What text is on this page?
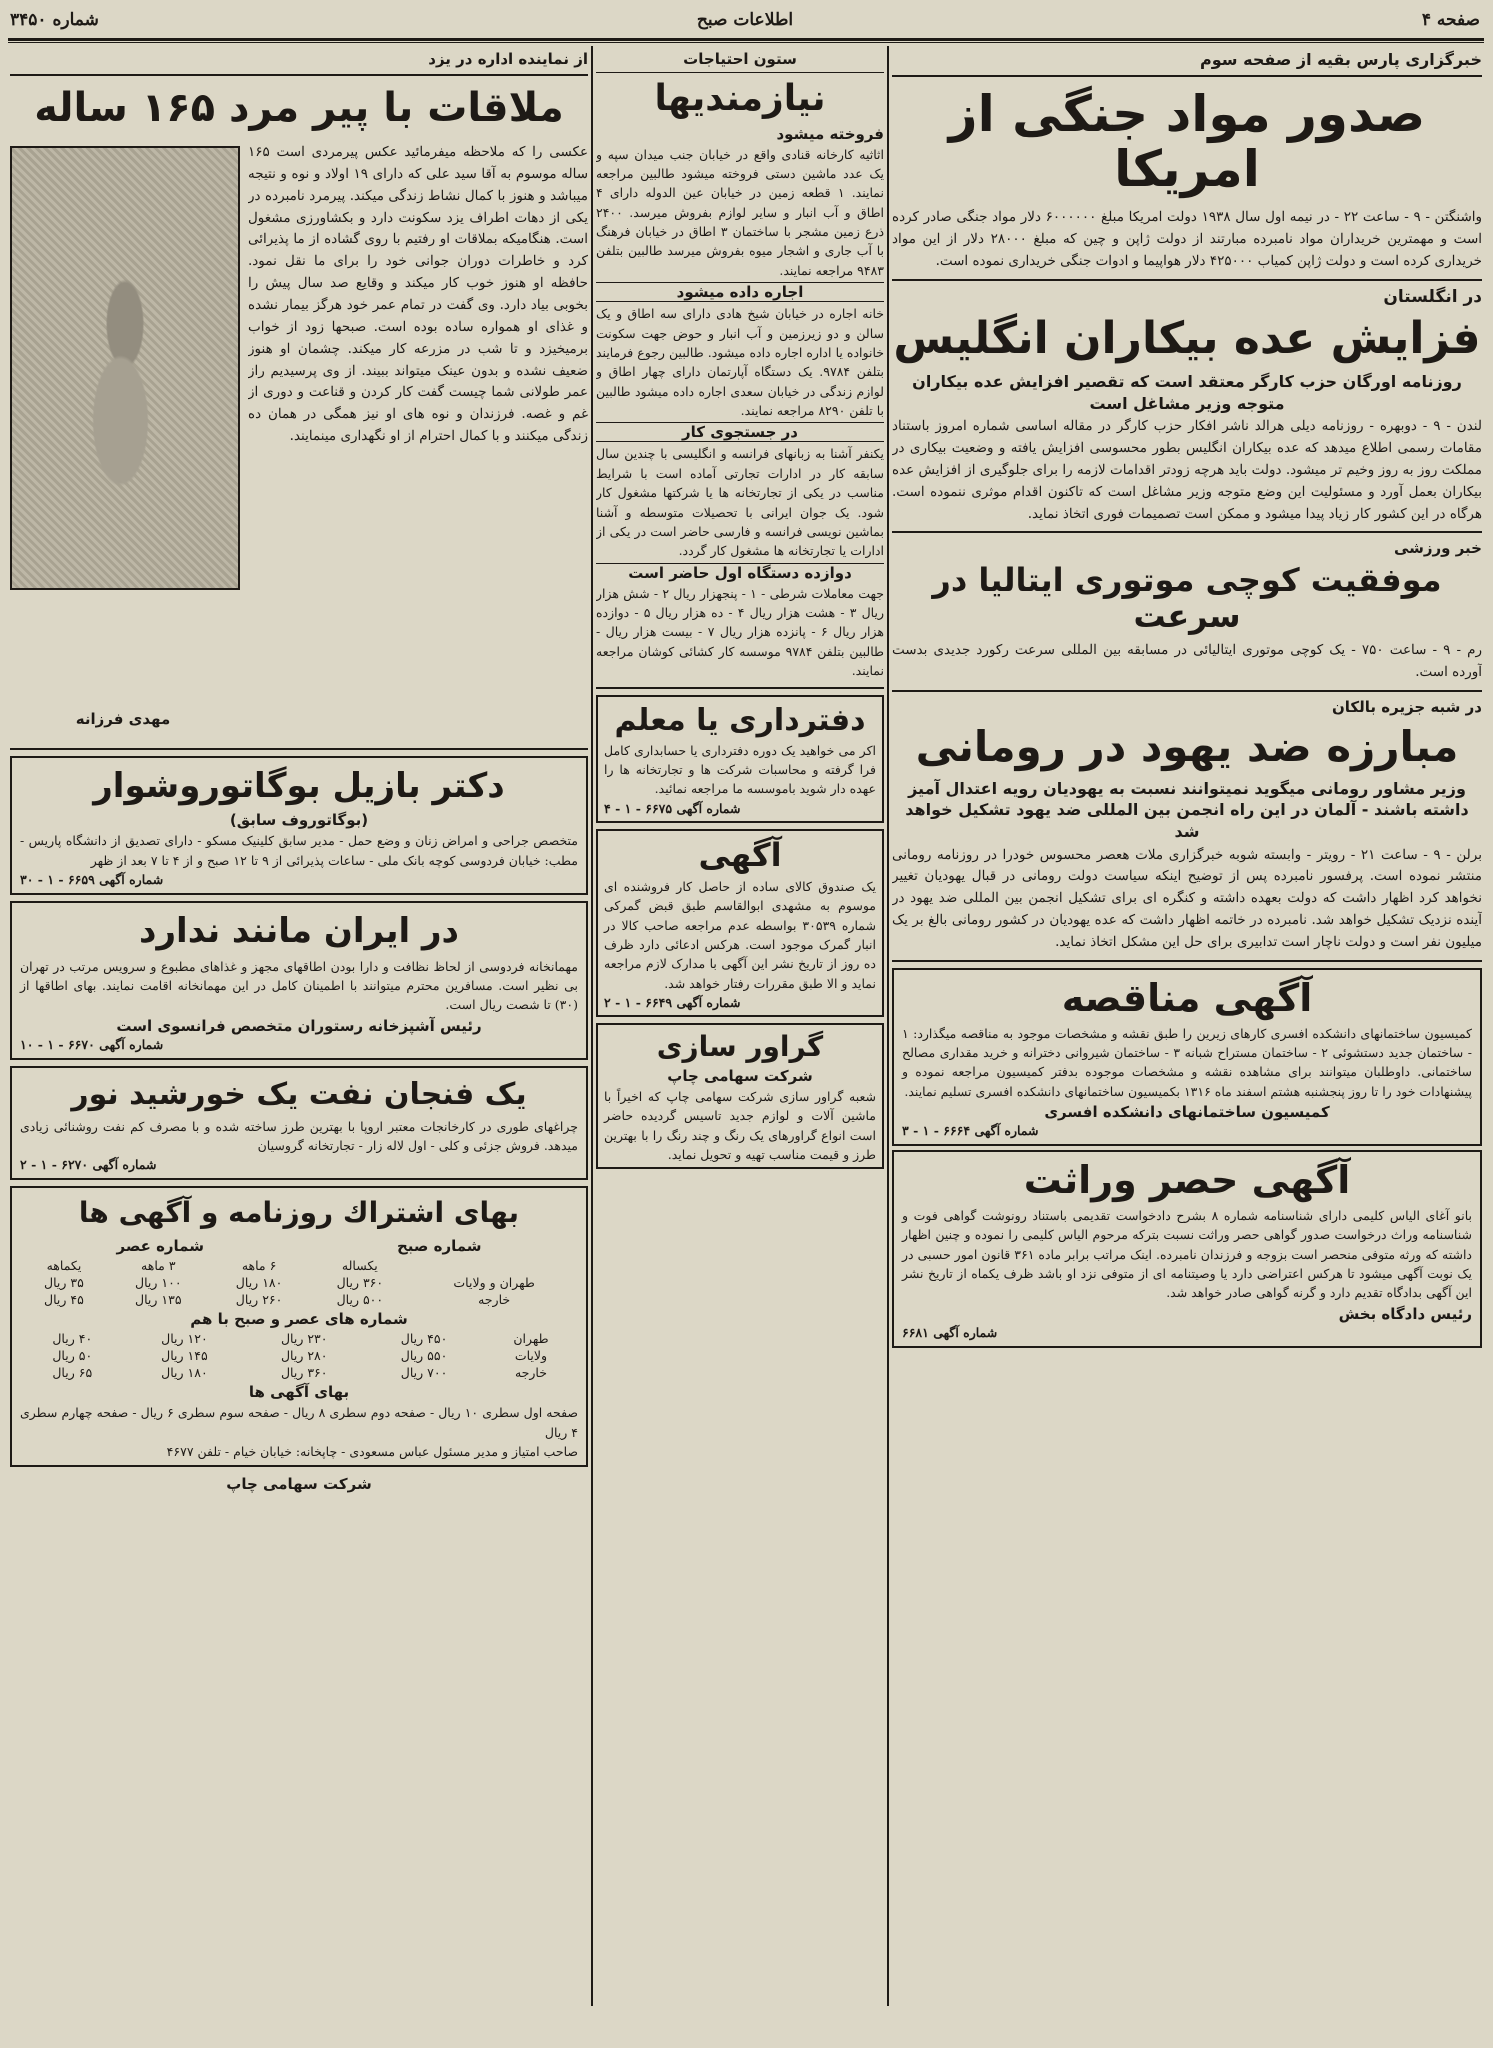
صفحه ۴
اطلاعات صبح
شماره ۳۴۵۰
خبرگزاری پارس بقیه از صفحه سوم
صدور مواد جنگی از امریکا

واشنگتن - ۹ - ساعت ۲۲ - در نیمه اول سال ۱۹۳۸ دولت امریکا مبلغ ۶۰۰۰۰۰۰ دلار مواد جنگی صادر کرده است و مهمترین خریداران مواد نامبرده مبارتند از دولت ژاپن و چین که مبلغ ۲۸۰۰۰ دلار از این مواد خریداری کرده است و دولت ژاپن کمیاب ۴۲۵۰۰۰ دلار هواپیما و ادوات جنگی خریداری نموده است.

در انگلستان
فزایش عده بیکاران انگلیس
روزنامه اورگان حزب کارگر معتقد است که تقصیر افزایش عده بیکاران متوجه وزیر مشاغل است

لندن - ۹ - دوبهره - روزنامه دیلی هرالد ناشر افکار حزب کارگر در مقاله اساسی شماره امروز باستناد مقامات رسمی اطلاع میدهد که عده بیکاران انگلیس بطور محسوسی افزایش یافته و وضعیت بیکاری در مملکت روز به روز وخیم تر میشود. دولت باید هرچه زودتر اقدامات لازمه را برای جلوگیری از افزایش عده بیکاران بعمل آورد و مسئولیت این وضع متوجه وزیر مشاغل است که تاکنون اقدام موثری ننموده است. هرگاه در این کشور کار زیاد پیدا میشود و ممکن است تصمیمات فوری اتخاذ نماید.

خبر ورزشی
موفقیت کوچی موتوری ایتالیا در سرعت

رم - ۹ - ساعت ۷۵۰ - یک کوچی موتوری ایتالیائی در مسابقه بین المللی سرعت رکورد جدیدی بدست آورده است.

در شبه جزیره بالکان
مبارزه ضد یهود در رومانی
وزیر مشاور رومانی میگوید نمیتوانند نسبت به یهودیان رویه اعتدال آمیز داشته باشند - آلمان در این راه انجمن بین المللی ضد یهود تشکیل خواهد شد

برلن - ۹ - ساعت ۲۱ - رویتر - وابسته شوبه خبرگزاری ملات هعصر محسوس خودرا در روزنامه رومانی منتشر نموده است. پرفسور نامبرده پس از توضیح اینکه سیاست دولت رومانی در قبال یهودیان تغییر نخواهد کرد اظهار داشت که دولت بعهده داشته و کنگره ای برای تشکیل انجمن بین المللی ضد یهود در آینده نزدیک تشکیل خواهد شد. نامبرده در خاتمه اظهار داشت که عده یهودیان در کشور رومانی بالغ بر یک میلیون نفر است و دولت ناچار است تدابیری برای حل این مشکل اتخاذ نماید.

آگهی مناقصه

کمیسیون ساختمانهای دانشکده افسری کارهای زیرین را طبق نقشه و مشخصات موجود به مناقصه میگذارد: ۱ - ساختمان جدید دستشوئی ۲ - ساختمان مستراح شبانه ۳ - ساختمان شیروانی دخترانه و خرید مقداری مصالح ساختمانی. داوطلبان میتوانند برای مشاهده نقشه و مشخصات موجوده بدفتر کمیسیون مراجعه نموده و پیشنهادات خود را تا روز پنجشنبه هشتم اسفند ماه ۱۳۱۶ بکمیسیون ساختمانهای دانشکده افسری تسلیم نمایند.

کمیسیون ساختمانهای دانشکده افسری
شماره آگهی ۶۶۶۴ - ۱ - ۳
آگهی حصر وراثت

بانو آغای الیاس کلیمی دارای شناسنامه شماره ۸ بشرح دادخواست تقدیمی باستناد رونوشت گواهی فوت و شناسنامه وراث درخواست صدور گواهی حصر وراثت نسبت بترکه مرحوم الیاس کلیمی را نموده و چنین اظهار داشته که ورثه متوفی منحصر است بزوجه و فرزندان نامبرده. اینک مراتب برابر ماده ۳۶۱ قانون امور حسبی در یک نوبت آگهی میشود تا هرکس اعتراضی دارد یا وصیتنامه ای از متوفی نزد او باشد ظرف یکماه از تاریخ نشر این آگهی بدادگاه تقدیم دارد و گرنه گواهی صادر خواهد شد.

رئیس دادگاه بخش
شماره آگهی ۶۶۸۱
ستون احتیاجات
نیازمندیها
فروخته میشود

اثاثیه کارخانه قنادی واقع در خیابان جنب میدان سپه و یک عدد ماشین دستی فروخته میشود طالبین مراجعه نمایند. ۱ قطعه زمین در خیابان عین الدوله دارای ۴ اطاق و آب انبار و سایر لوازم بفروش میرسد. ۲۴۰۰ ذرع زمین مشجر با ساختمان ۳ اطاق در خیابان فرهنگ با آب جاری و اشجار میوه بفروش میرسد طالبین بتلفن ۹۴۸۳ مراجعه نمایند.

اجاره داده میشود

خانه اجاره در خیابان شیخ هادی دارای سه اطاق و یک سالن و دو زیرزمین و آب انبار و حوض جهت سکونت خانواده یا اداره اجاره داده میشود. طالبین رجوع فرمایند بتلفن ۹۷۸۴. یک دستگاه آپارتمان دارای چهار اطاق و لوازم زندگی در خیابان سعدی اجاره داده میشود طالبین با تلفن ۸۲۹۰ مراجعه نمایند.

در جستجوی کار

یکنفر آشنا به زبانهای فرانسه و انگلیسی با چندین سال سابقه کار در ادارات تجارتی آماده است با شرایط مناسب در یکی از تجارتخانه ها یا شرکتها مشغول کار شود. یک جوان ایرانی با تحصیلات متوسطه و آشنا بماشین نویسی فرانسه و فارسی حاضر است در یکی از ادارات یا تجارتخانه ها مشغول کار گردد.

دوازده دستگاه اول حاضر است

جهت معاملات شرطی - ۱ - پنجهزار ریال ۲ - شش هزار ریال ۳ - هشت هزار ریال ۴ - ده هزار ریال ۵ - دوازده هزار ریال ۶ - پانزده هزار ریال ۷ - بیست هزار ریال - طالبین بتلفن ۹۷۸۴ موسسه کار کشائی کوشان مراجعه نمایند.

دفترداری یا معلم

اکر می خواهید یک دوره دفترداری یا حسابداری کامل فرا گرفته و محاسبات شرکت ها و تجارتخانه ها را عهده دار شوید باموسسه ما مراجعه نمائید.

شماره آگهی ۶۶۷۵ - ۱ - ۴
آگهی

یک صندوق کالای ساده از حاصل کار فروشنده ای موسوم به مشهدی ابوالقاسم طبق قبض گمرکی شماره ۳۰۵۳۹ بواسطه عدم مراجعه صاحب کالا در انبار گمرک موجود است. هرکس ادعائی دارد ظرف ده روز از تاریخ نشر این آگهی با مدارک لازم مراجعه نماید و الا طبق مقررات رفتار خواهد شد.

شماره آگهی ۶۶۴۹ - ۱ - ۲
گراور سازی
شرکت سهامی چاپ

شعبه گراور سازی شرکت سهامی چاپ که اخیراً با ماشین آلات و لوازم جدید تاسیس گردیده حاضر است انواع گراورهای یک رنگ و چند رنگ را با بهترین طرز و قیمت مناسب تهیه و تحویل نماید.

از نماینده اداره در یزد
ملاقات با پیر مرد ۱۶۵ ساله

عکسی را که ملاحظه میفرمائید عکس پیرمردی است ۱۶۵ ساله موسوم به آقا سید علی که دارای ۱۹ اولاد و نوه و نتیجه میباشد و هنوز با کمال نشاط زندگی میکند. پیرمرد نامبرده در یکی از دهات اطراف یزد سکونت دارد و بکشاورزی مشغول است. هنگامیکه بملاقات او رفتیم با روی گشاده از ما پذیرائی کرد و خاطرات دوران جوانی خود را برای ما نقل نمود. حافظه او هنوز خوب کار میکند و وقایع صد سال پیش را بخوبی بیاد دارد. وی گفت در تمام عمر خود هرگز بیمار نشده و غذای او همواره ساده بوده است. صبحها زود از خواب برمیخیزد و تا شب در مزرعه کار میکند. چشمان او هنوز ضعیف نشده و بدون عینک میتواند ببیند. از وی پرسیدیم راز عمر طولانی شما چیست گفت کار کردن و قناعت و دوری از غم و غصه. فرزندان و نوه های او نیز همگی در همان ده زندگی میکنند و با کمال احترام از او نگهداری مینمایند.

مهدی فرزانه
دکتر بازیل بوگاتوروشوار
(بوگاتوروف سابق)

متخصص جراحی و امراض زنان و وضع حمل - مدیر سابق کلینیک مسکو - دارای تصدیق از دانشگاه پاریس - مطب: خیابان فردوسی کوچه بانک ملی - ساعات پذیرائی از ۹ تا ۱۲ صبح و از ۴ تا ۷ بعد از ظهر

شماره آگهی ۶۶۵۹ - ۱ - ۳۰
در ایران مانند ندارد

مهمانخانه فردوسی از لحاظ نظافت و دارا بودن اطاقهای مجهز و غذاهای مطبوع و سرویس مرتب در تهران بی نظیر است. مسافرین محترم میتوانند با اطمینان کامل در این مهمانخانه اقامت نمایند. بهای اطاقها از (۳۰) تا شصت ریال است.

رئیس آشپزخانه رستوران متخصص فرانسوی است
شماره آگهی ۶۶۷۰ - ۱ - ۱۰
یک فنجان نفت یک خورشید نور

چراغهای طوری در کارخانجات معتبر اروپا با بهترین طرز ساخته شده و با مصرف کم نفت روشنائی زیادی میدهد. فروش جزئی و کلی - اول لاله زار - تجارتخانه گروسیان

شماره آگهی ۶۲۷۰ - ۱ - ۲
بهای اشتراك روزنامه و آگهی ها
شماره صبح
شماره عصر
	یکساله	۶ ماهه	۳ ماهه	یکماهه
طهران و ولایات	۳۶۰ ریال	۱۸۰ ریال	۱۰۰ ریال	۳۵ ریال
خارجه	۵۰۰ ریال	۲۶۰ ریال	۱۳۵ ریال	۴۵ ریال
شماره های عصر و صبح با هم
طهران	۴۵۰ ریال	۲۳۰ ریال	۱۲۰ ریال	۴۰ ریال
ولایات	۵۵۰ ریال	۲۸۰ ریال	۱۴۵ ریال	۵۰ ریال
خارجه	۷۰۰ ریال	۳۶۰ ریال	۱۸۰ ریال	۶۵ ریال
بهای آگهی ها

صفحه اول سطری ۱۰ ریال - صفحه دوم سطری ۸ ریال - صفحه سوم سطری ۶ ریال - صفحه چهارم سطری ۴ ریال

صاحب امتیاز و مدیر مسئول عباس مسعودی - چاپخانه: خیابان خیام - تلفن ۴۶۷۷

شرکت سهامی چاپ
